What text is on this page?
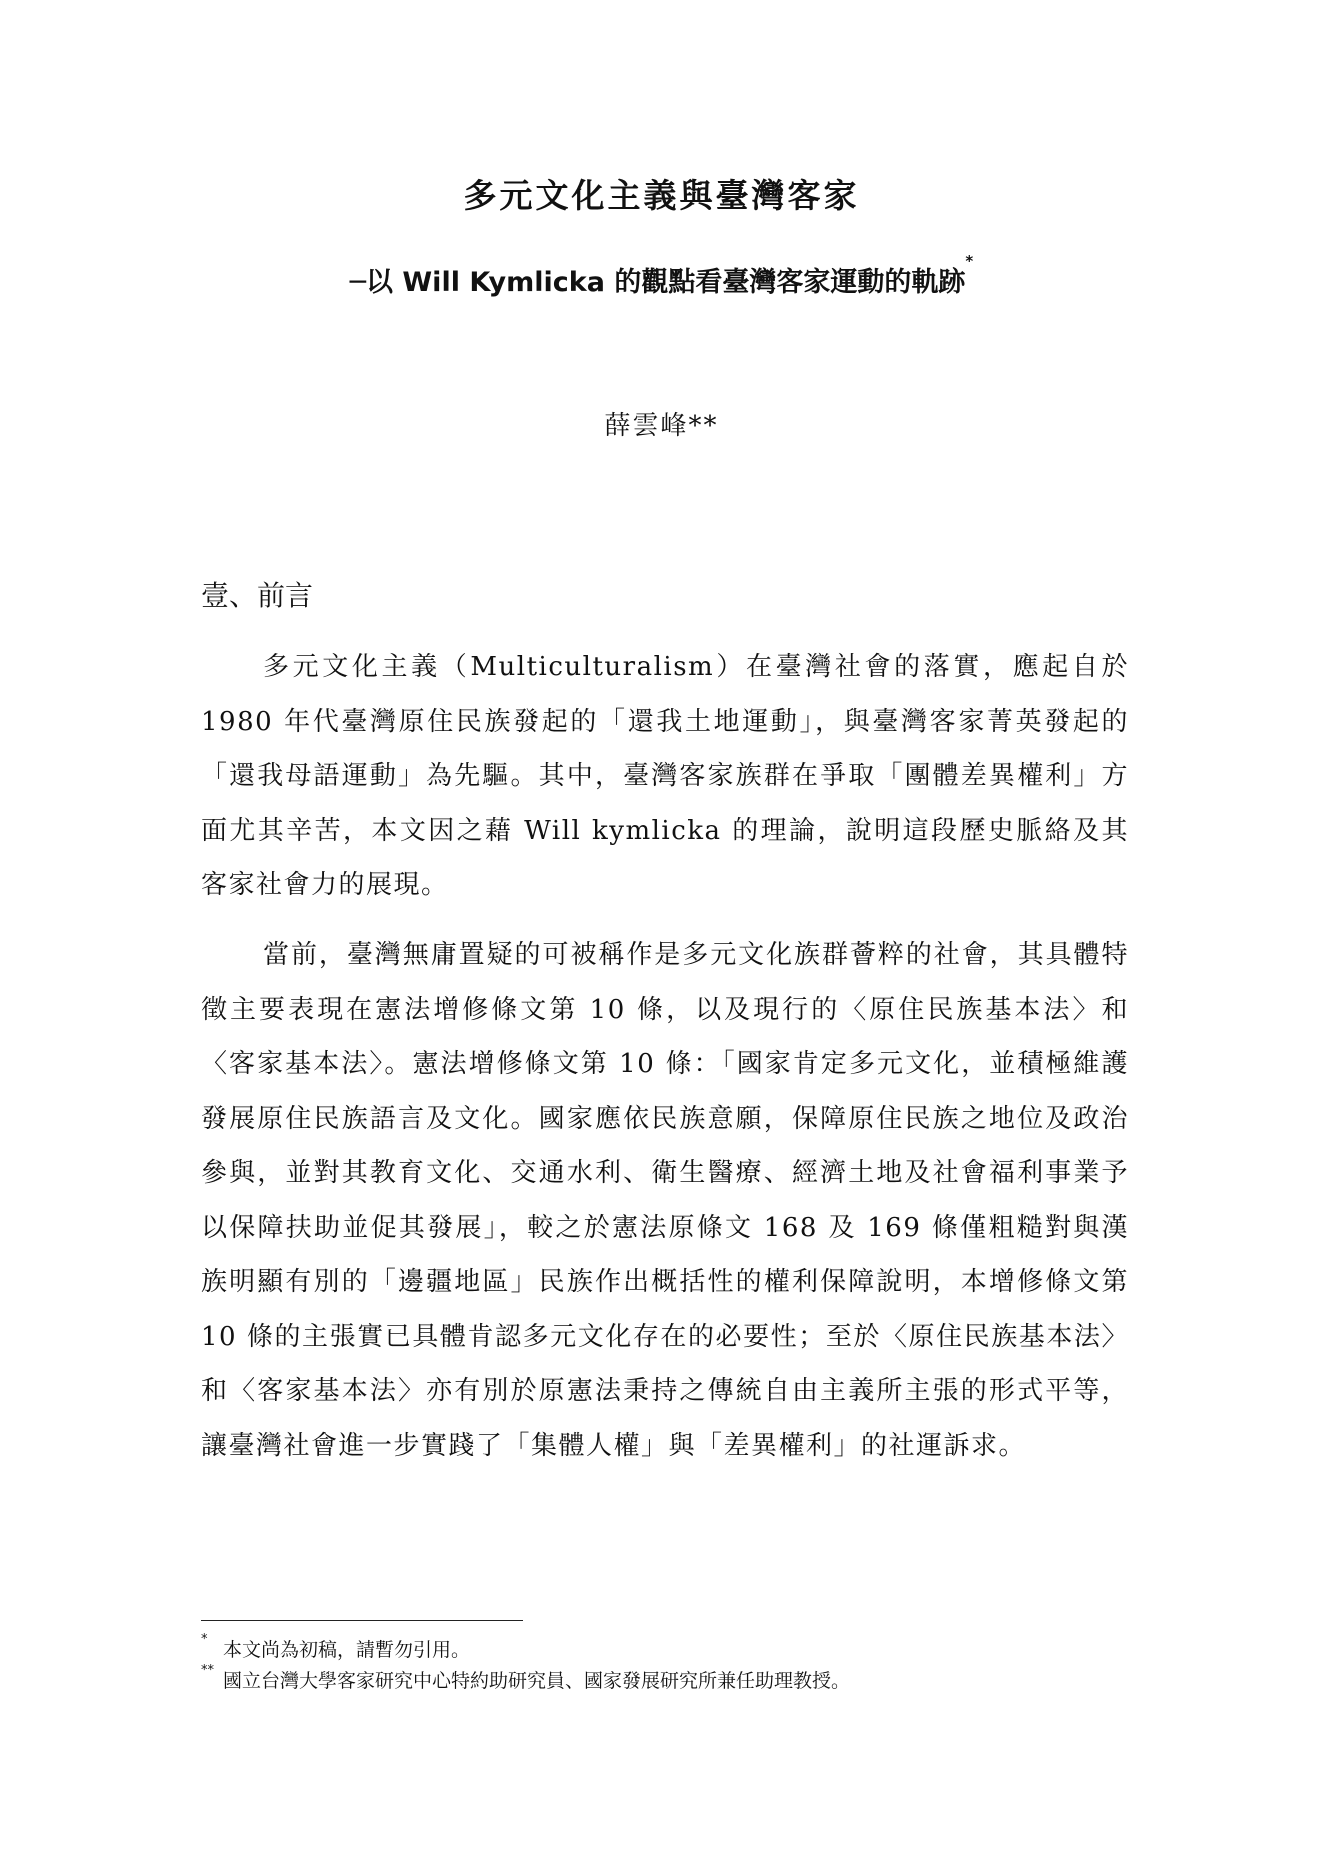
多元文化主義與臺灣客家
─以 Will Kymlicka 的觀點看臺灣客家運動的軌跡*

薛雲峰**

壹、前言

多元文化主義（Multiculturalism）在臺灣社會的落實，應起自於 1980 年代臺灣原住民族發起的「還我土地運動」，與臺灣客家菁英發起的「還我母語運動」為先驅。其中，臺灣客家族群在爭取「團體差異權利」方面尤其辛苦，本文因之藉 Will kymlicka 的理論，說明這段歷史脈絡及其客家社會力的展現。

當前，臺灣無庸置疑的可被稱作是多元文化族群薈粹的社會，其具體特徵主要表現在憲法增修條文第 10 條，以及現行的〈原住民族基本法〉和〈客家基本法〉。憲法增修條文第 10 條：「國家肯定多元文化，並積極維護發展原住民族語言及文化。國家應依民族意願，保障原住民族之地位及政治參與，並對其教育文化、交通水利、衛生醫療、經濟土地及社會福利事業予以保障扶助並促其發展」，較之於憲法原條文 168 及 169 條僅粗糙對與漢族明顯有別的「邊疆地區」民族作出概括性的權利保障說明，本增修條文第 10 條的主張實已具體肯認多元文化存在的必要性；至於〈原住民族基本法〉和〈客家基本法〉亦有別於原憲法秉持之傳統自由主義所主張的形式平等，讓臺灣社會進一步實踐了「集體人權」與「差異權利」的社運訴求。

* 本文尚為初稿，請暫勿引用。

** 國立台灣大學客家研究中心特約助研究員、國家發展研究所兼任助理教授。
